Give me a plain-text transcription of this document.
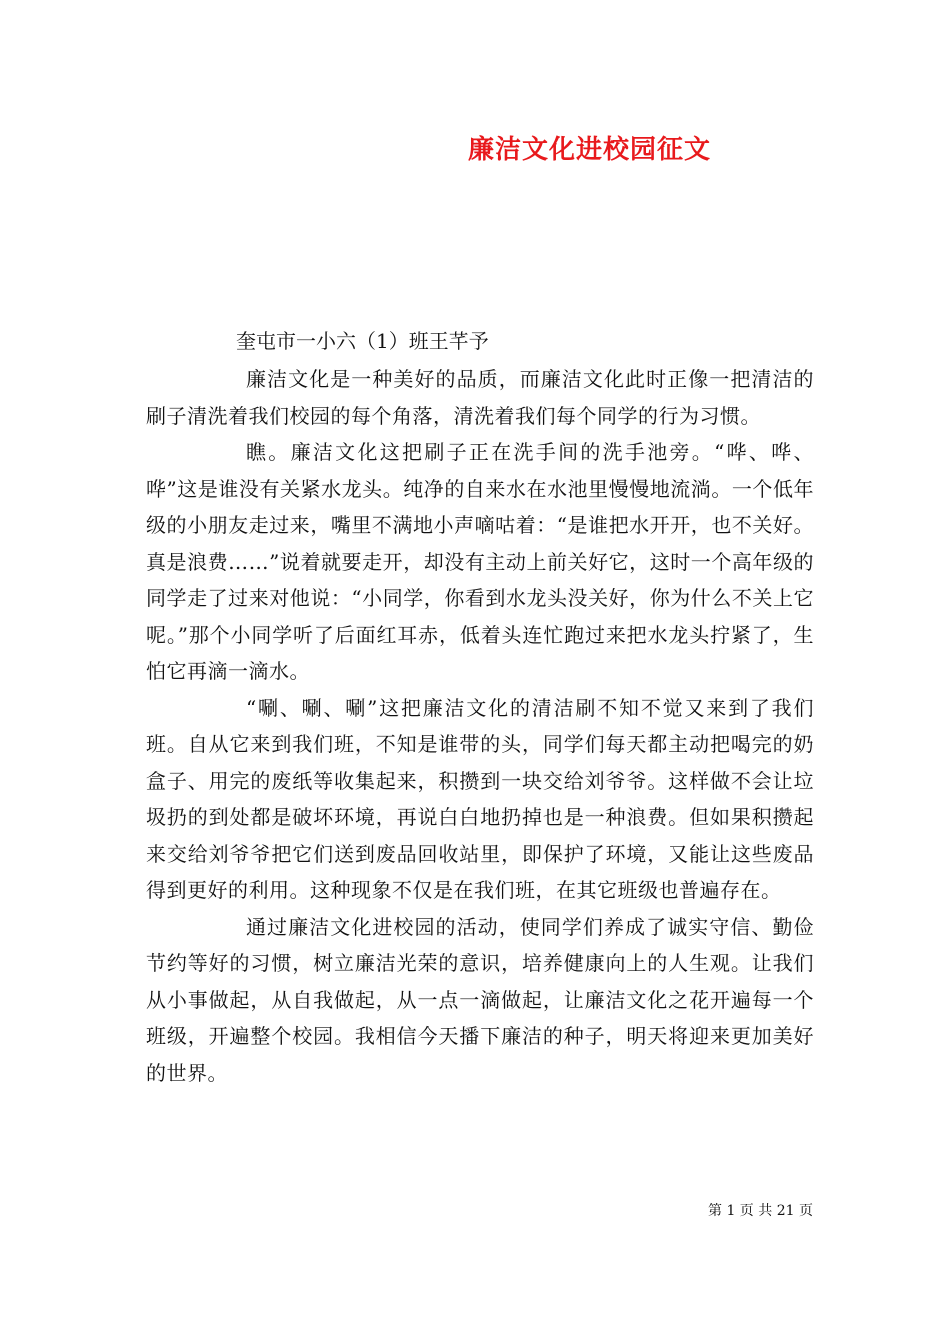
廉洁文化进校园征文
奎屯市一小六（1）班王芊予

廉洁文化是一种美好的品质，而廉洁文化此时正像一把清洁的刷子清洗着我们校园的每个角落，清洗着我们每个同学的行为习惯。

瞧。廉洁文化这把刷子正在洗手间的洗手池旁。“哗、哗、哗”这是谁没有关紧水龙头。纯净的自来水在水池里慢慢地流淌。一个低年级的小朋友走过来，嘴里不满地小声嘀咕着：“是谁把水开开，也不关好。真是浪费……”说着就要走开，却没有主动上前关好它，这时一个高年级的同学走了过来对他说：“小同学，你看到水龙头没关好，你为什么不关上它呢。”那个小同学听了后面红耳赤，低着头连忙跑过来把水龙头拧紧了，生怕它再滴一滴水。

“唰、唰、唰”这把廉洁文化的清洁刷不知不觉又来到了我们班。自从它来到我们班，不知是谁带的头，同学们每天都主动把喝完的奶盒子、用完的废纸等收集起来，积攒到一块交给刘爷爷。这样做不会让垃圾扔的到处都是破坏环境，再说白白地扔掉也是一种浪费。但如果积攒起来交给刘爷爷把它们送到废品回收站里，即保护了环境，又能让这些废品得到更好的利用。这种现象不仅是在我们班，在其它班级也普遍存在。

通过廉洁文化进校园的活动，使同学们养成了诚实守信、勤俭节约等好的习惯，树立廉洁光荣的意识，培养健康向上的人生观。让我们从小事做起，从自我做起，从一点一滴做起，让廉洁文化之花开遍每一个班级，开遍整个校园。我相信今天播下廉洁的种子，明天将迎来更加美好的世界。

第 1 页 共 21 页
